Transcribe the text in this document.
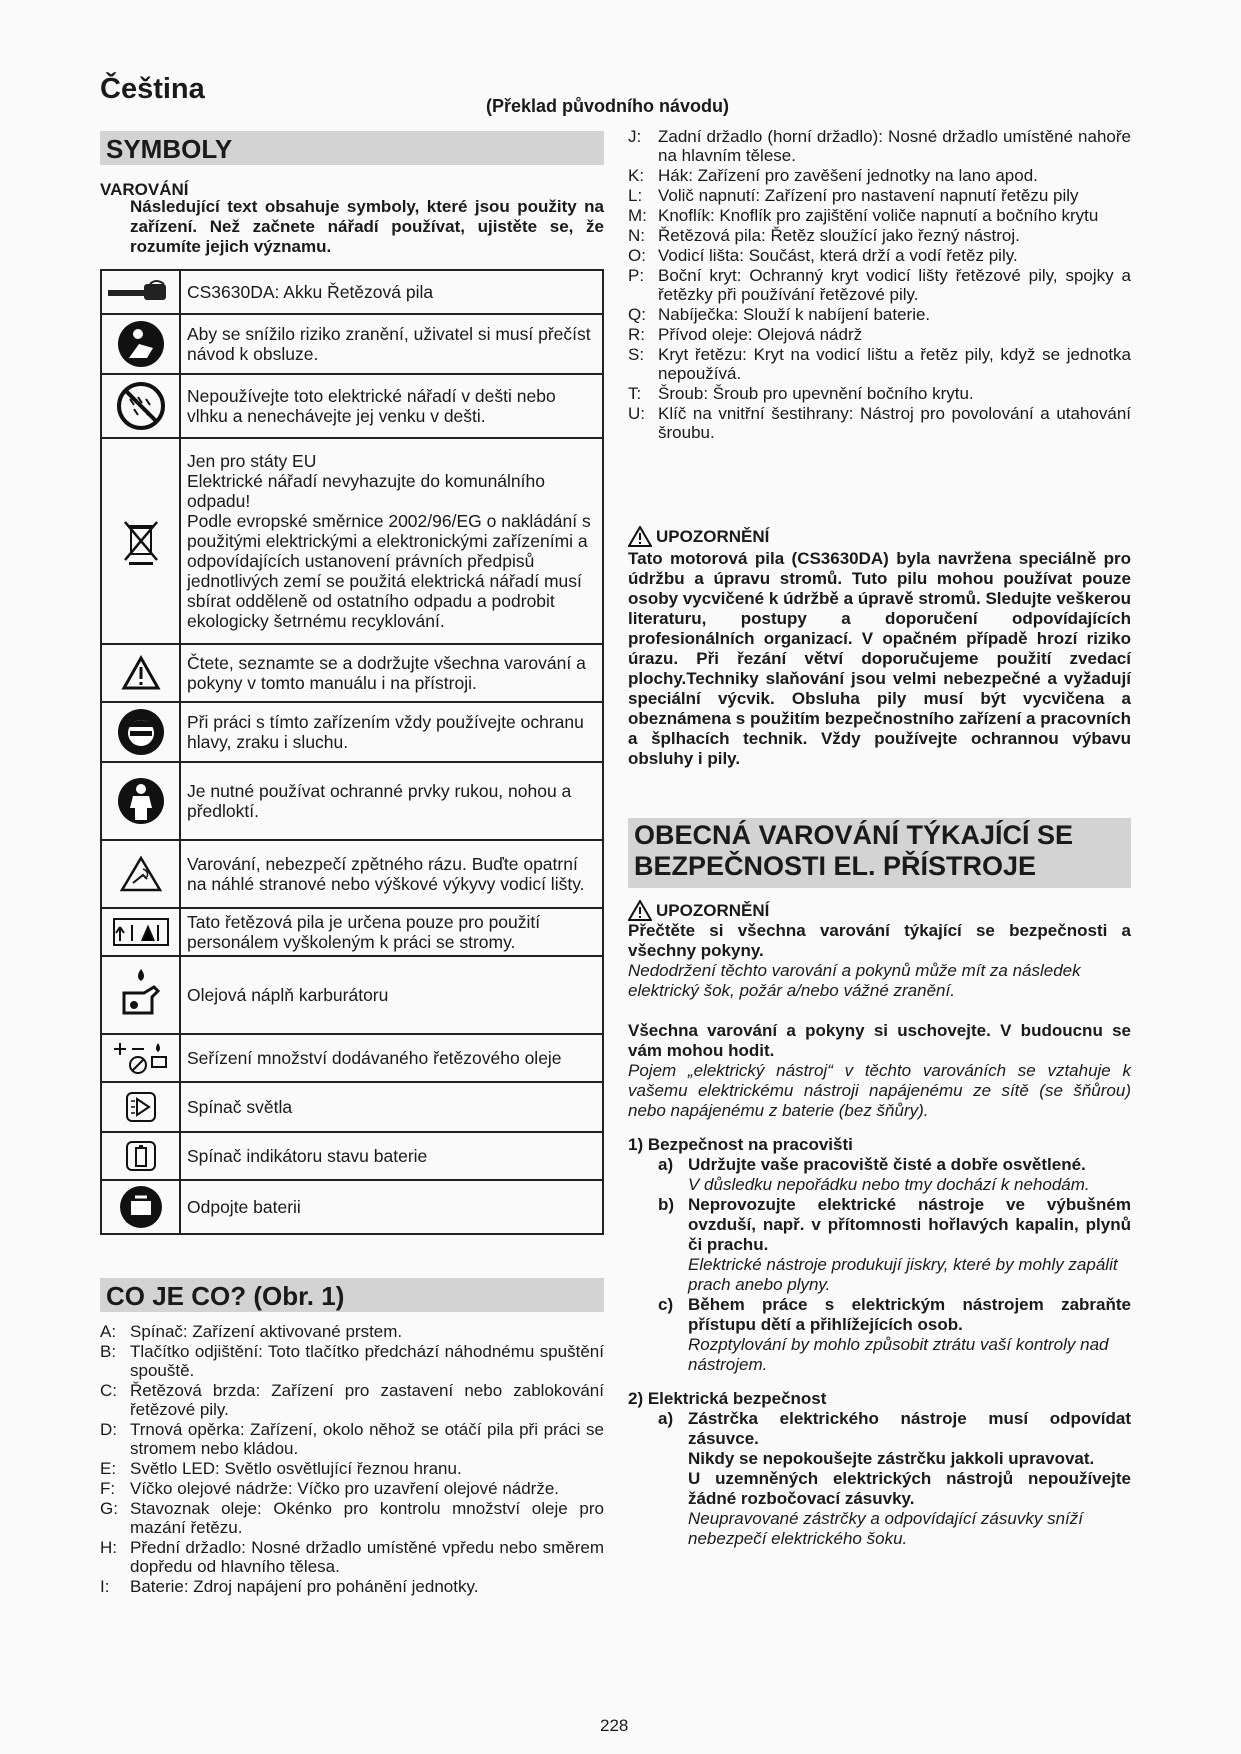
Čeština
(Překlad původního návodu)
SYMBOLY
VAROVÁNÍ
Následující text obsahuje symboly, které jsou použity na zařízení. Než začnete nářadí používat, ujistěte se, že rozumíte jejich významu.
	CS3630DA: Akku Řetězová pila

	Aby se snížilo riziko zranění, uživatel si musí přečíst návod k obsluze.

	Nepoužívejte toto elektrické nářadí v dešti nebo vlhku a nenechávejte jej venku v dešti.

	Jen pro státy EU
Elektrické nářadí nevyhazujte do komunálního odpadu!
Podle evropské směrnice 2002/96/EG o nakládání s použitými elektrickými a elektronickými zařízeními a odpovídajících ustanovení právních předpisů jednotlivých zemí se použitá elektrická nářadí musí sbírat odděleně od ostatního odpadu a podrobit ekologicky šetrnému recyklování.

	Čtete, seznamte se a dodržujte všechna varování a pokyny v tomto manuálu i na přístroji.

	Při práci s tímto zařízením vždy používejte ochranu hlavy, zraku i sluchu.

	Je nutné používat ochranné prvky rukou, nohou a předloktí.

	Varování, nebezpečí zpětného rázu. Buďte opatrní na náhlé stranové nebo výškové výkyvy vodicí lišty.

	Tato řetězová pila je určena pouze pro použití personálem vyškoleným k práci se stromy.

	Olejová náplň karburátoru

	Seřízení množství dodávaného řetězového oleje

	Spínač světla

	Spínač indikátoru stavu baterie

	Odpojte baterii
CO JE CO? (Obr. 1)
A: Spínač: Zařízení aktivované prstem.
B: Tlačítko odjištění: Toto tlačítko předchází náhodnému spuštění spouště.
C: Řetězová brzda: Zařízení pro zastavení nebo zablokování řetězové pily.
D: Trnová opěrka: Zařízení, okolo něhož se otáčí pila při práci se stromem nebo kládou.
E: Světlo LED: Světlo osvětlující řeznou hranu.
F: Víčko olejové nádrže: Víčko pro uzavření olejové nádrže.
G: Stavoznak oleje: Okénko pro kontrolu množství oleje pro mazání řetězu.
H: Přední držadlo: Nosné držadlo umístěné vpředu nebo směrem dopředu od hlavního tělesa.
I:	Baterie: Zdroj napájení pro pohánění jednotky.
J: Zadní držadlo (horní držadlo): Nosné držadlo umístěné nahoře na hlavním tělese.
K: Hák: Zařízení pro zavěšení jednotky na lano apod.
L: Volič napnutí: Zařízení pro nastavení napnutí řetězu pily
M: Knoflík: Knoflík pro zajištění voliče napnutí a bočního krytu
N: Řetězová pila: Řetěz sloužící jako řezný nástroj.
O: Vodicí lišta: Součást, která drží a vodí řetěz pily.
P: Boční kryt: Ochranný kryt vodicí lišty řetězové pily, spojky a řetězky při používání řetězové pily.
Q: Nabíječka: Slouží k nabíjení baterie.
R: Přívod oleje: Olejová nádrž
S: Kryt řetězu: Kryt na vodicí lištu a řetěz pily, když se jednotka nepoužívá.
T: Šroub: Šroub pro upevnění bočního krytu.
U: Klíč na vnitřní šestihrany: Nástroj pro povolování a utahování šroubu.
UPOZORNĚNÍ
Tato motorová pila (CS3630DA) byla navržena speciálně pro údržbu a úpravu stromů. Tuto pilu mohou používat pouze osoby vycvičené k údržbě a úpravě stromů. Sledujte veškerou literaturu, postupy a doporučení odpovídajících profesionálních organizací. V opačném případě hrozí riziko úrazu. Při řezání větví doporučujeme použití zvedací plochy.Techniky slaňování jsou velmi nebezpečné a vyžadují speciální výcvik. Obsluha pily musí být vycvičena a obeznámena s použitím bezpečnostního zařízení a pracovních a šplhacích technik. Vždy používejte ochrannou výbavu obsluhy i pily.
OBECNÁ VAROVÁNÍ TÝKAJÍCÍ SE
BEZPEČNOSTI EL. PŘÍSTROJE
UPOZORNĚNÍ
Přečtěte si všechna varování týkající se bezpečnosti a všechny pokyny.
Nedodržení těchto varování a pokynů může mít za následek elektrický šok, požár a/nebo vážné zranění.
Všechna varování a pokyny si uschovejte. V budoucnu se vám mohou hodit.
Pojem „elektrický nástroj“ v těchto varováních se vztahuje k vašemu elektrickému nástroji napájenému ze sítě (se šňůrou) nebo napájenému z baterie (bez šňůry).
1) Bezpečnost na pracovišti
a) Udržujte vaše pracoviště čisté a dobře osvětlené.
V důsledku nepořádku nebo tmy dochází k nehodám.
b) Neprovozujte elektrické nástroje ve výbušném ovzduší, např. v přítomnosti hořlavých kapalin, plynů či prachu.
Elektrické nástroje produkují jiskry, které by mohly zapálit prach anebo plyny.
c) Během práce s elektrickým nástrojem zabraňte přístupu dětí a přihlížejících osob.
Rozptylování by mohlo způsobit ztrátu vaší kontroly nad nástrojem.
2) Elektrická bezpečnost
a) Zástrčka elektrického nástroje musí odpovídat zásuvce.
Nikdy se nepokoušejte zástrčku jakkoli upravovat.
U uzemněných elektrických nástrojů nepoužívejte žádné rozbočovací zásuvky.
Neupravované zástrčky a odpovídající zásuvky sníží nebezpečí elektrického šoku.
228
